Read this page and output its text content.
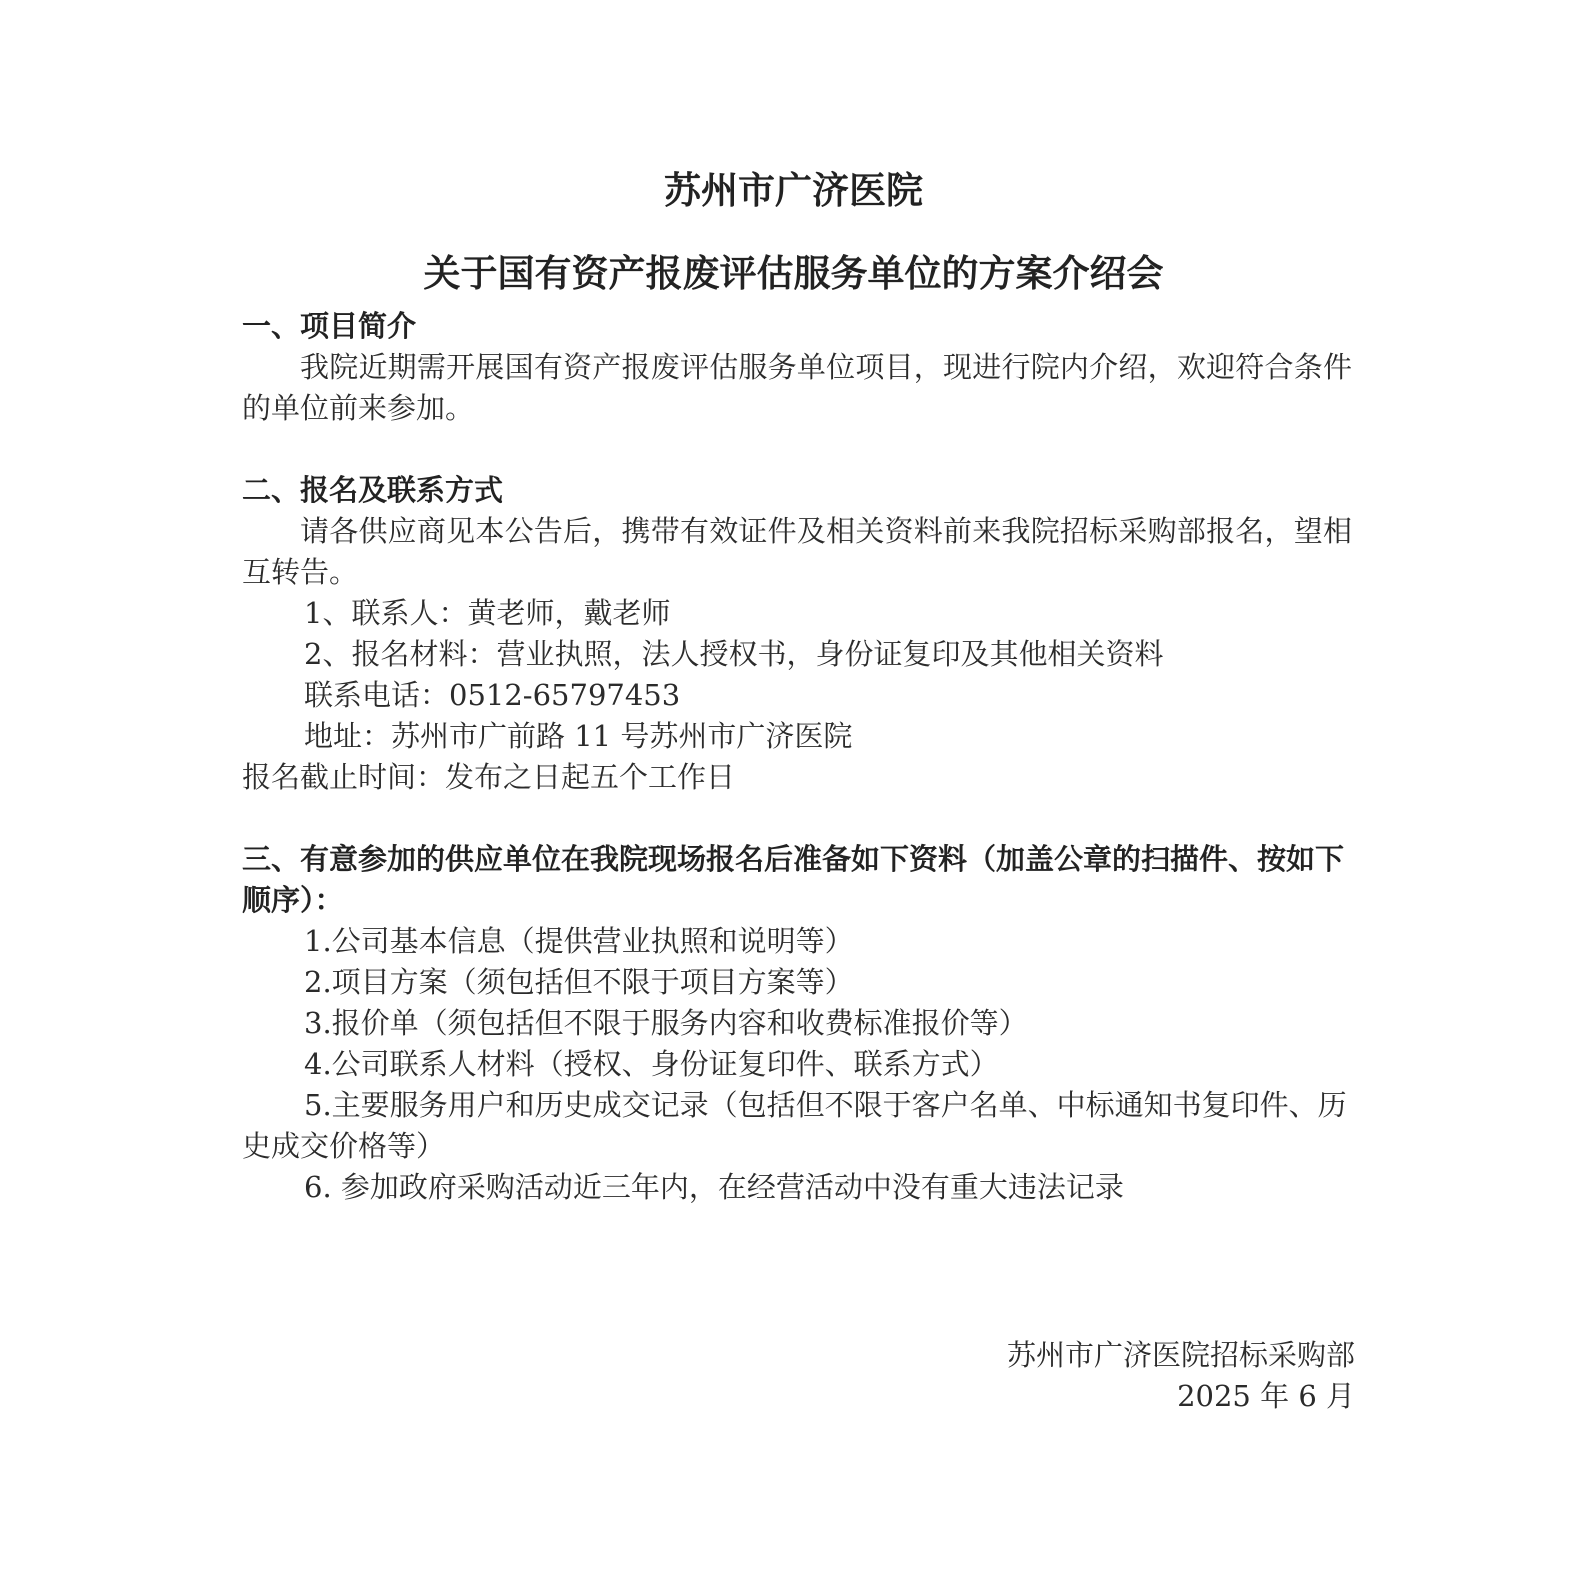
苏州市广济医院
关于国有资产报废评估服务单位的方案介绍会
一、项目简介
我院近期需开展国有资产报废评估服务单位项目，现进行院内介绍，欢迎符合条件的单位前来参加。
二、报名及联系方式
请各供应商见本公告后，携带有效证件及相关资料前来我院招标采购部报名，望相互转告。
1、联系人：黄老师，戴老师
2、报名材料：营业执照，法人授权书，身份证复印及其他相关资料
联系电话：0512-65797453
地址：苏州市广前路 11 号苏州市广济医院
报名截止时间：发布之日起五个工作日
三、有意参加的供应单位在我院现场报名后准备如下资料（加盖公章的扫描件、按如下顺序）：
1.公司基本信息（提供营业执照和说明等）
2.项目方案（须包括但不限于项目方案等）
3.报价单（须包括但不限于服务内容和收费标准报价等）
4.公司联系人材料（授权、身份证复印件、联系方式）
5.主要服务用户和历史成交记录（包括但不限于客户名单、中标通知书复印件、历史成交价格等）
6. 参加政府采购活动近三年内，在经营活动中没有重大违法记录
苏州市广济医院招标采购部
2025 年 6 月
